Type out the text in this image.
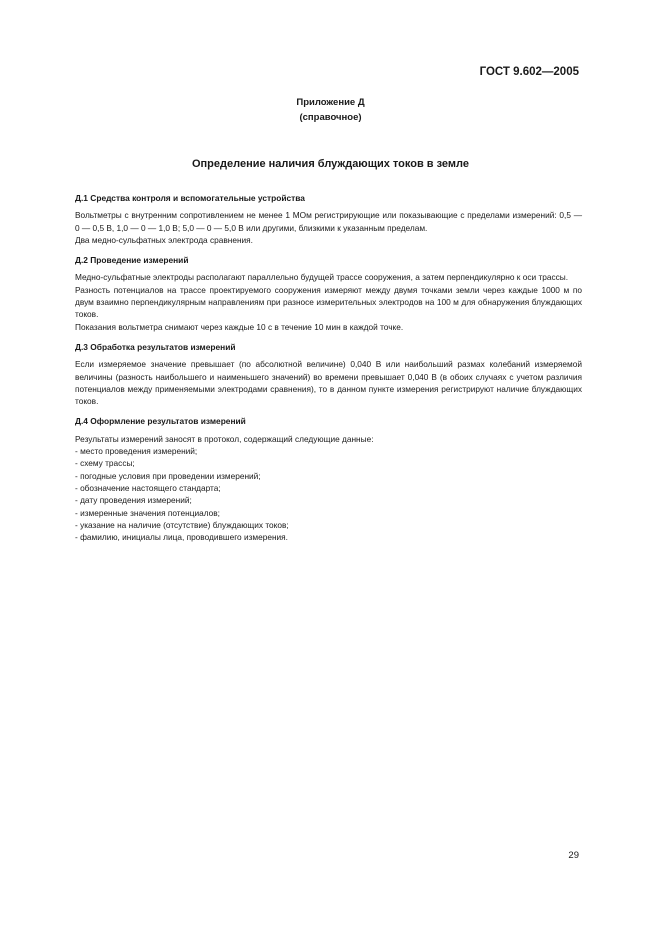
ГОСТ 9.602—2005
Приложение Д
(справочное)
Определение наличия блуждающих токов в земле
Д.1 Средства контроля и вспомогательные устройства

Вольтметры с внутренним сопротивлением не менее 1 МОм регистрирующие или показывающие с пределами измерений: 0,5 — 0 — 0,5 В, 1,0 — 0 — 1,0 В; 5,0 — 0 — 5,0 В или другими, близкими к указанным пределам.

Два медно-сульфатных электрода сравнения.

Д.2 Проведение измерений

Медно-сульфатные электроды располагают параллельно будущей трассе сооружения, а затем перпендикулярно к оси трассы.

Разность потенциалов на трассе проектируемого сооружения измеряют между двумя точками земли через каждые 1000 м по двум взаимно перпендикулярным направлениям при разносе измерительных электродов на 100 м для обнаружения блуждающих токов.

Показания вольтметра снимают через каждые 10 с в течение 10 мин в каждой точке.

Д.3 Обработка результатов измерений

Если измеряемое значение превышает (по абсолютной величине) 0,040 В или наибольший размах колебаний измеряемой величины (разность наибольшего и наименьшего значений) во времени превышает 0,040 В (в обоих случаях с учетом различия потенциалов между применяемыми электродами сравнения), то в данном пункте измерения регистрируют наличие блуждающих токов.

Д.4 Оформление результатов измерений

Результаты измерений заносят в протокол, содержащий следующие данные:

- место проведения измерений;
- схему трассы;
- погодные условия при проведении измерений;
- обозначение настоящего стандарта;
- дату проведения измерений;
- измеренные значения потенциалов;
- указание на наличие (отсутствие) блуждающих токов;
- фамилию, инициалы лица, проводившего измерения.
29
